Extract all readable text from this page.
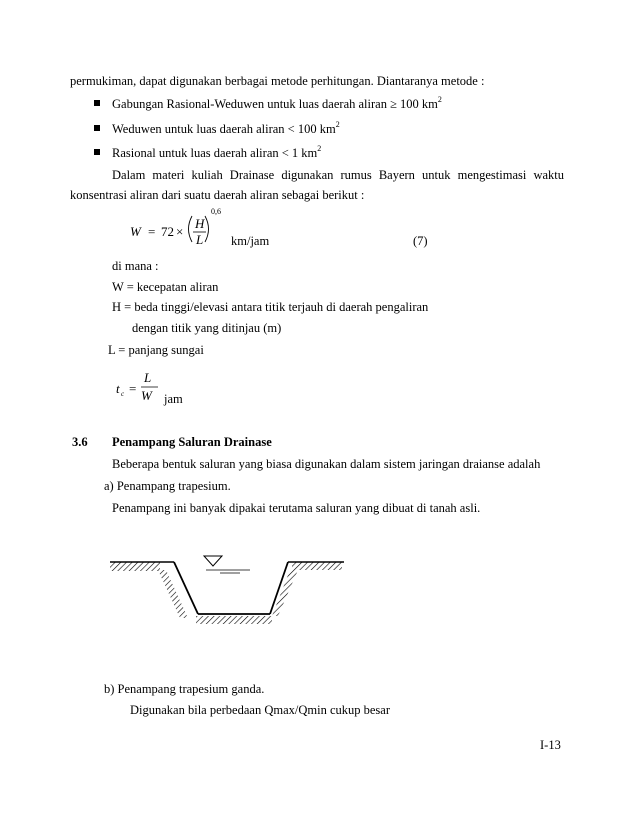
permukiman, dapat digunakan berbagai metode perhitungan. Diantaranya metode :
Gabungan Rasional-Weduwen untuk luas daerah aliran ≥ 100 $km^2$
Weduwen untuk luas daerah aliran < 100 $km^2$
Rasional untuk luas daerah aliran < 1 $km^2$
Dalam materi kuliah Drainase digunakan rumus Bayern untuk mengestimasi waktu
konsentrasi aliran dari suatu daerah aliran sebagai berikut :
W = 72 ×
H
L
0,6
km/jam	(7)
di mana :
W = kecepatan aliran
H = beda tinggi/elevasi antara titik terjauh di daerah pengaliran
dengan titik yang ditinjau (m)
L = panjang sungai
t c =
L
W jam
3.6 Penampang Saluran Drainase
Beberapa bentuk saluran yang biasa digunakan dalam sistem jaringan draianse adalah
a) Penampang trapesium.
Penampang ini banyak dipakai terutama saluran yang dibuat di tanah asli.
b) Penampang trapesium ganda.
Digunakan bila perbedaan Qmax/Qmin cukup besar
I-13
